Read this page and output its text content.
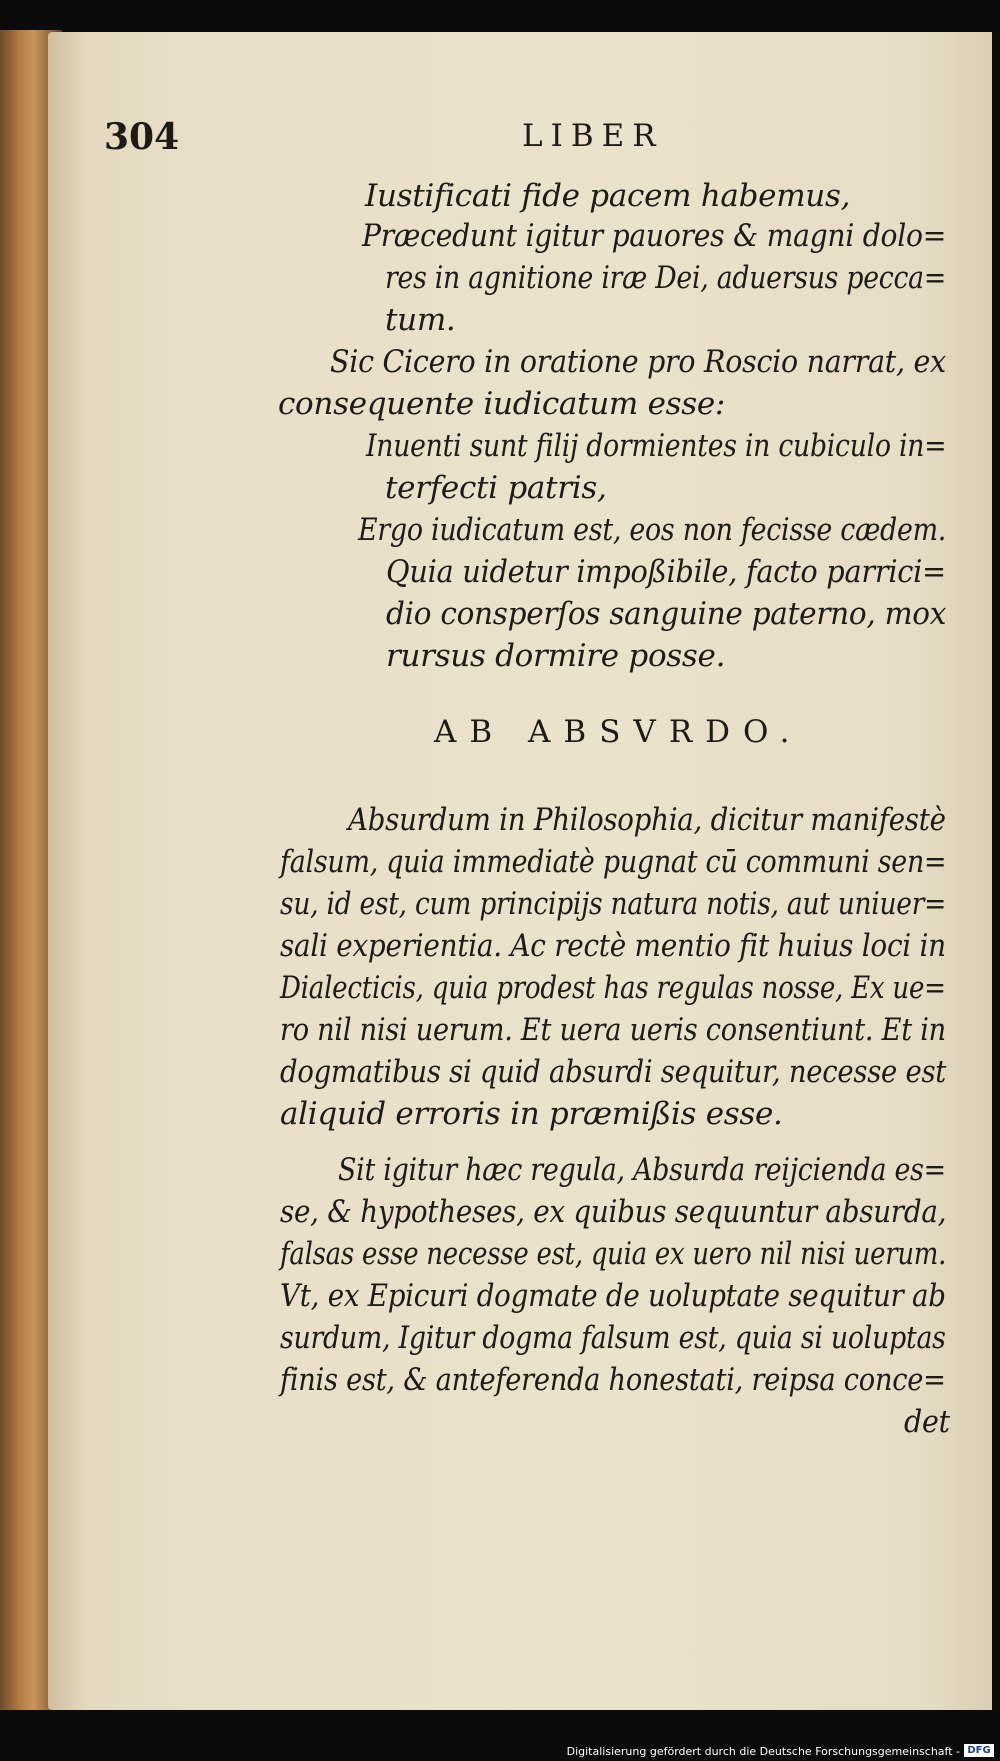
304	LIBER
Iustificati fide pacem habemus,
Præcedunt igitur pauores & magni dolo=
res in agnitione iræ Dei, aduersus pecca=
tum.
Sic Cicero in oratione pro Roscio narrat, ex
consequente iudicatum esse:
Inuenti sunt filij dormientes in cubiculo in=
terfecti patris,
Ergo iudicatum est, eos non fecisse cædem.
Quia uidetur impoßibile, facto parrici=
dio consperſos sanguine paterno, mox
rursus dormire posse.
AB ABSVRDO.
Absurdum in Philosophia, dicitur manifestè
falsum, quia immediatè pugnat cū communi sen=
su, id est, cum principijs natura notis, aut uniuer=
sali experientia. Ac rectè mentio fit huius loci in
Dialecticis, quia prodest has regulas nosse, Ex ue=
ro nil nisi uerum. Et uera ueris consentiunt. Et in
dogmatibus si quid absurdi sequitur, necesse est
aliquid erroris in præmißis esse.
Sit igitur hæc regula, Absurda reijcienda es=
se, & hypotheses, ex quibus sequuntur absurda,
falsas esse necesse est, quia ex uero nil nisi uerum.
Vt, ex Epicuri dogmate de uoluptate sequitur ab
surdum, Igitur dogma falsum est, quia si uoluptas
finis est, & anteferenda honestati, reipsa conce=
det
Digitalisierung gefördert durch die Deutsche Forschungsgemeinschaft - DFG
